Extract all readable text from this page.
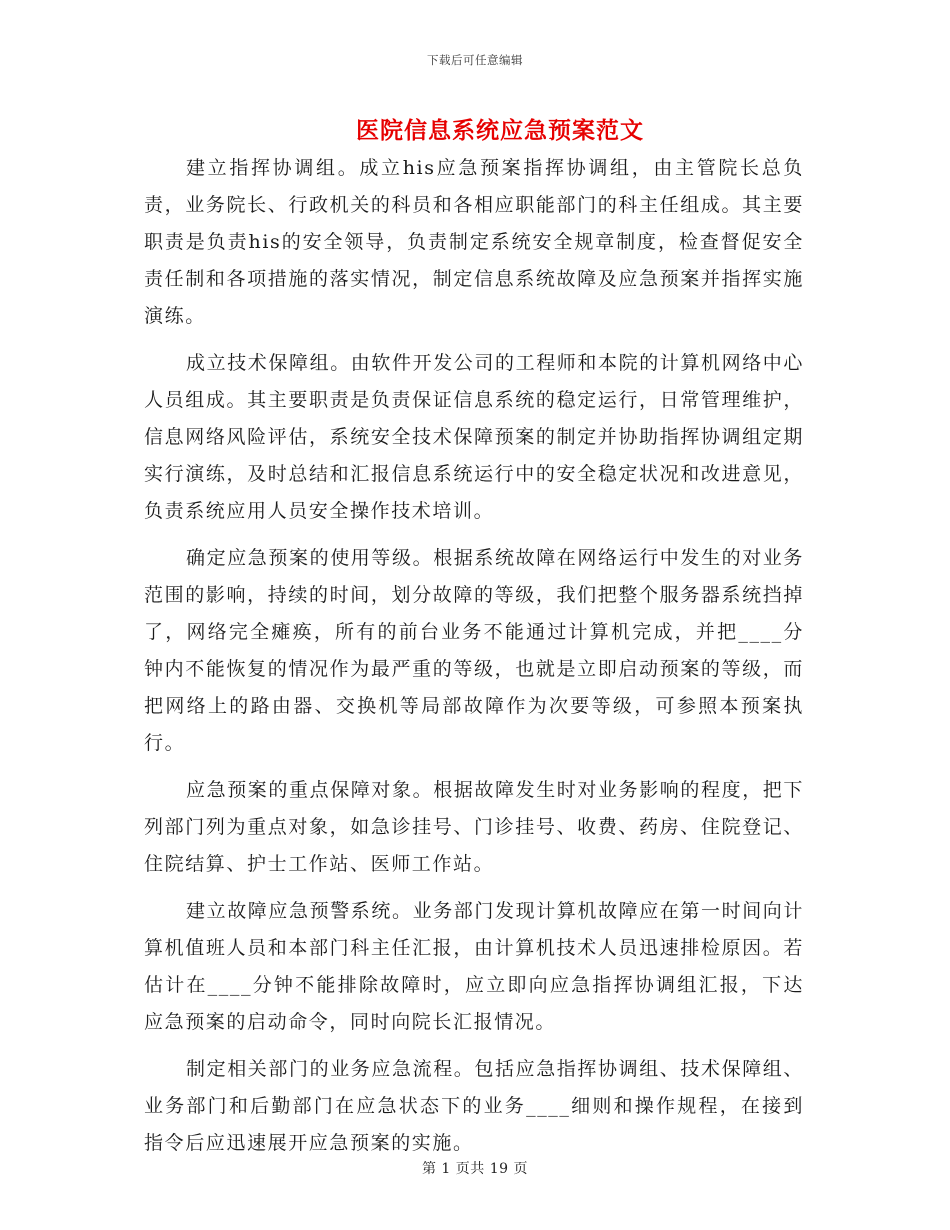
下载后可任意编辑
医院信息系统应急预案范文

建立指挥协调组。成立his应急预案指挥协调组，由主管院长总负责，业务院长、行政机关的科员和各相应职能部门的科主任组成。其主要职责是负责his的安全领导，负责制定系统安全规章制度，检查督促安全责任制和各项措施的落实情况，制定信息系统故障及应急预案并指挥实施演练。

成立技术保障组。由软件开发公司的工程师和本院的计算机网络中心人员组成。其主要职责是负责保证信息系统的稳定运行，日常管理维护，信息网络风险评估，系统安全技术保障预案的制定并协助指挥协调组定期实行演练，及时总结和汇报信息系统运行中的安全稳定状况和改进意见，负责系统应用人员安全操作技术培训。

确定应急预案的使用等级。根据系统故障在网络运行中发生的对业务范围的影响，持续的时间，划分故障的等级，我们把整个服务器系统挡掉了，网络完全瘫痪，所有的前台业务不能通过计算机完成，并把____分钟内不能恢复的情况作为最严重的等级，也就是立即启动预案的等级，而把网络上的路由器、交换机等局部故障作为次要等级，可参照本预案执行。

应急预案的重点保障对象。根据故障发生时对业务影响的程度，把下列部门列为重点对象，如急诊挂号、门诊挂号、收费、药房、住院登记、住院结算、护士工作站、医师工作站。

建立故障应急预警系统。业务部门发现计算机故障应在第一时间向计算机值班人员和本部门科主任汇报，由计算机技术人员迅速排检原因。若估计在____分钟不能排除故障时，应立即向应急指挥协调组汇报，下达应急预案的启动命令，同时向院长汇报情况。

制定相关部门的业务应急流程。包括应急指挥协调组、技术保障组、业务部门和后勤部门在应急状态下的业务____细则和操作规程，在接到指令后应迅速展开应急预案的实施。

第 1 页共 19 页
